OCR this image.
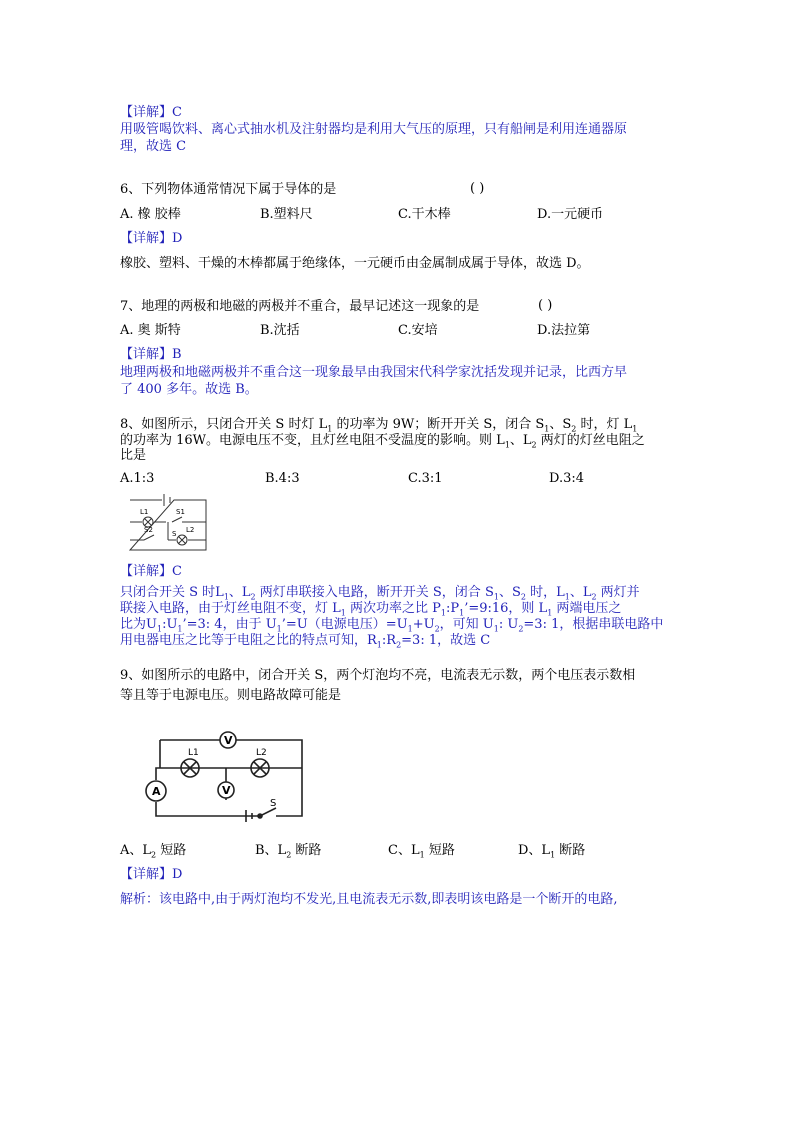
【详解】C
用吸管喝饮料、离心式抽水机及注射器均是利用大气压的原理，只有船闸是利用连通器原
理，故选 C
6、下列物体通常情况下属于导体的是	( )
A. 橡 胶棒	B.塑料尺	C.干木棒	D.一元硬币
【详解】D
橡胶、塑料、干燥的木棒都属于绝缘体，一元硬币由金属制成属于导体，故选 D。
7、地理的两极和地磁的两极并不重合，最早记述这一现象的是	( )
A. 奥 斯特	B.沈括	C.安培	D.法拉第
【详解】B
地理两极和地磁两极并不重合这一现象最早由我国宋代科学家沈括发现并记录，比西方早
了 400 多年。故选 B。
8、如图所示，只闭合开关 S 时灯 $L_1$ 的功率为 9W；断开开关 S，闭合 $S_1$、$S_2$ 时，灯 $L_1$
的功率为 16W。电源电压不变，且灯丝电阻不受温度的影响。则 $L_1$、$L_2$ 两灯的灯丝电阻之
比是
A.1:3	B.4:3	C.3:1	D.3:4
L1	S1
S
S2	L2
【详解】C
只闭合开关 S 时$L_1$、$L_2$ 两灯串联接入电路，断开开关 S，闭合 $S_1$、$S_2$ 时，$L_1$、$L_2$ 两灯并
联接入电路，由于灯丝电阻不变，灯 $L_1$ 两次功率之比 $P_1:P_1’=9:16$，则 $L_1$ 两端电压之
比为$U_1:U_1’=3$: 4，由于 $U_1’=U$（电源电压）$=U_1+U_2$，可知 $U_1$: $U_2=3$: 1，根据串联电路中
用电器电压之比等于电阻之比的特点可知，$R_1:R_2=3$: 1，故选 C
9、如图所示的电路中，闭合开关 S，两个灯泡均不亮，电流表无示数，两个电压表示数相
等且等于电源电压。则电路故障可能是
V
V
A
L1	L2
S
A、$L_2$ 短路	B、$L_2$ 断路	C、$L_1$ 短路	D、$L_1$ 断路
【详解】D
解析：该电路中,由于两灯泡均不发光,且电流表无示数,即表明该电路是一个断开的电路,
